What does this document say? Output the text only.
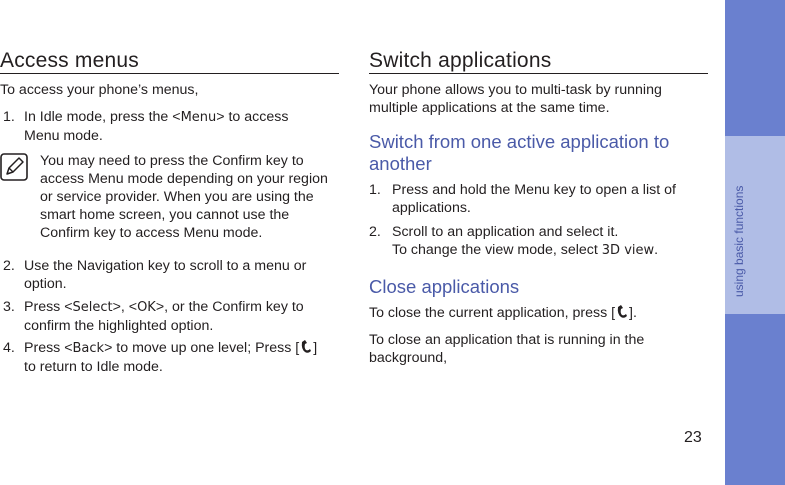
Access menus

To access your phone’s menus,

1. In Idle mode, press the <Menu> to access
Menu mode.
You may need to press the Confirm key to
access Menu mode depending on your region
or service provider. When you are using the
smart home screen, you cannot use the
Confirm key to access Menu mode.
2. Use the Navigation key to scroll to a menu or
option.
3. Press <Select>, <OK>, or the Confirm key to
confirm the highlighted option.
4. Press <Back> to move up one level; Press [ ]
to return to Idle mode.
Switch applications
Your phone allows you to multi-task by running
multiple applications at the same time.
Switch from one active application to
another
1. Press and hold the Menu key to open a list of
applications.
2. Scroll to an application and select it.
To change the view mode, select 3D view.
Close applications

To close the current application, press [ ].

To close an application that is running in the
background,
23
